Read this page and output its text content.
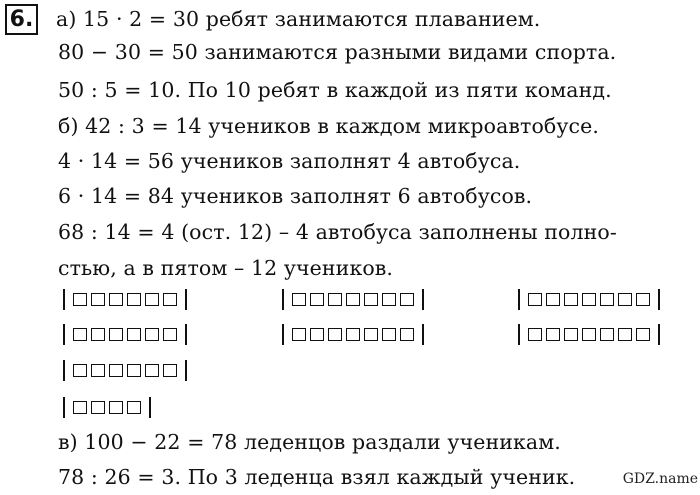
6. а) 15 · 2 = 30 ребят занимаются плаванием.
80 − 30 = 50 занимаются разными видами спорта.
50 : 5 = 10. По 10 ребят в каждой из пяти команд.
б) 42 : 3 = 14 учеников в каждом микроавтобусе.
4 · 14 = 56 учеников заполнят 4 автобуса.
6 · 14 = 84 учеников заполнят 6 автобусов.
68 : 14 = 4 (ост. 12) – 4 автобуса заполнены полно-
стью, а в пятом – 12 учеников.
в) 100 − 22 = 78 леденцов раздали ученикам.
78 : 26 = 3. По 3 леденца взял каждый ученик.	GDZ.name
